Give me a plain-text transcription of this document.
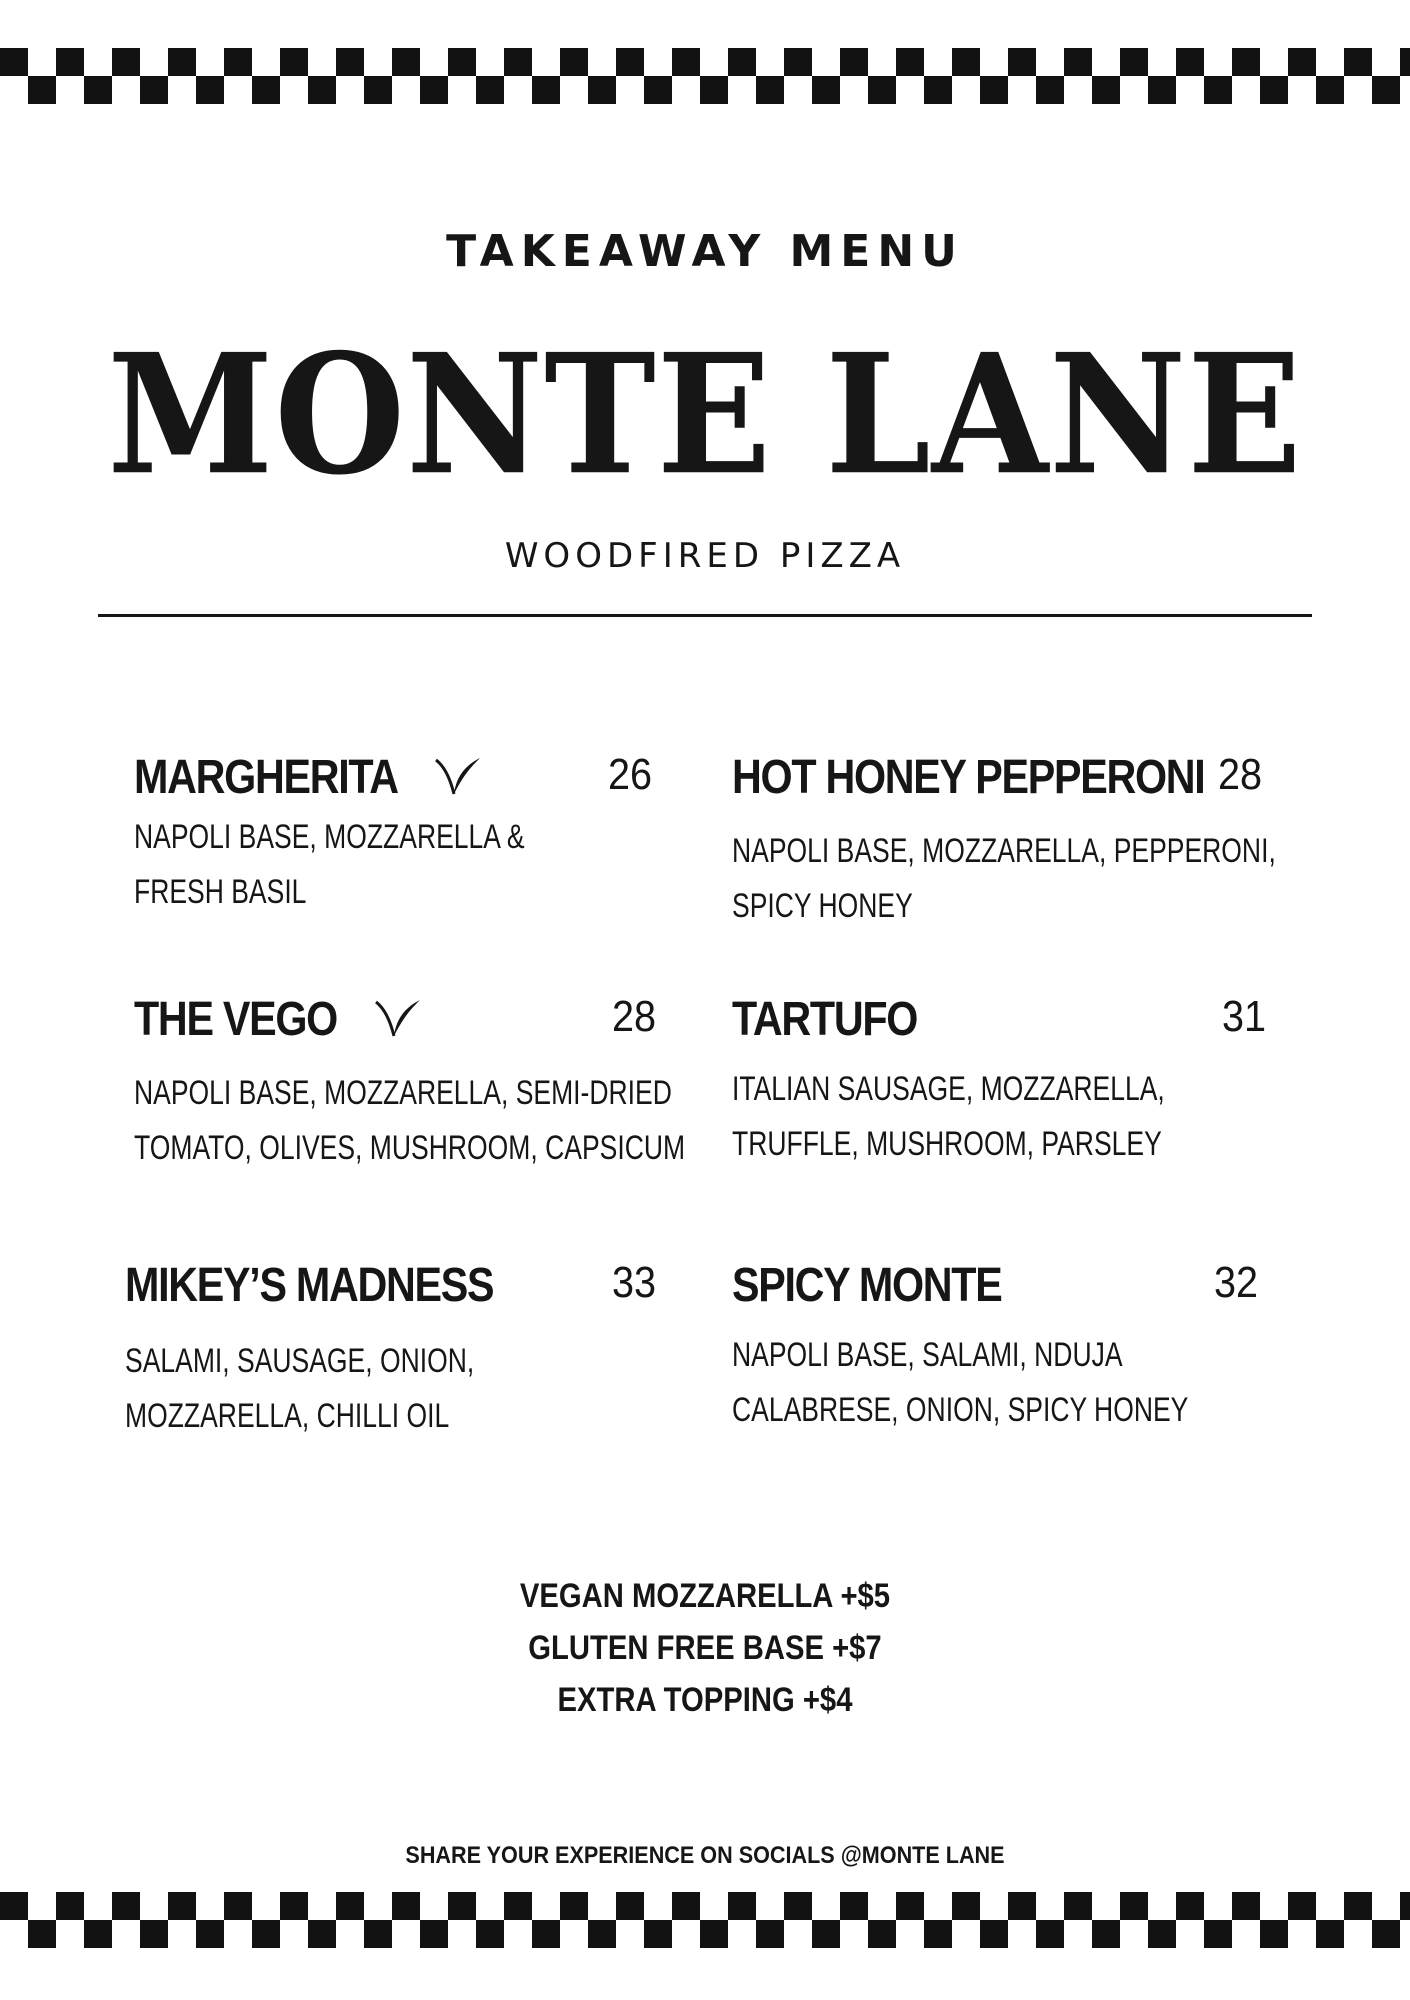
TAKEAWAY MENU
MONTE LANE
WOODFIRED PIZZA
MARGHERITA	26
NAPOLI BASE, MOZZARELLA &
FRESH BASIL
HOT HONEY PEPPERONI 28
NAPOLI BASE, MOZZARELLA, PEPPERONI,
SPICY HONEY
THE VEGO	28
NAPOLI BASE, MOZZARELLA, SEMI-DRIED
TOMATO, OLIVES, MUSHROOM, CAPSICUM
TARTUFO	31
ITALIAN SAUSAGE, MOZZARELLA,
TRUFFLE, MUSHROOM, PARSLEY
MIKEY’S MADNESS	33
SALAMI, SAUSAGE, ONION,
MOZZARELLA, CHILLI OIL
SPICY MONTE	32
NAPOLI BASE, SALAMI, NDUJA
CALABRESE, ONION, SPICY HONEY
VEGAN MOZZARELLA +$5
GLUTEN FREE BASE +$7
EXTRA TOPPING +$4
SHARE YOUR EXPERIENCE ON SOCIALS @MONTE LANE
